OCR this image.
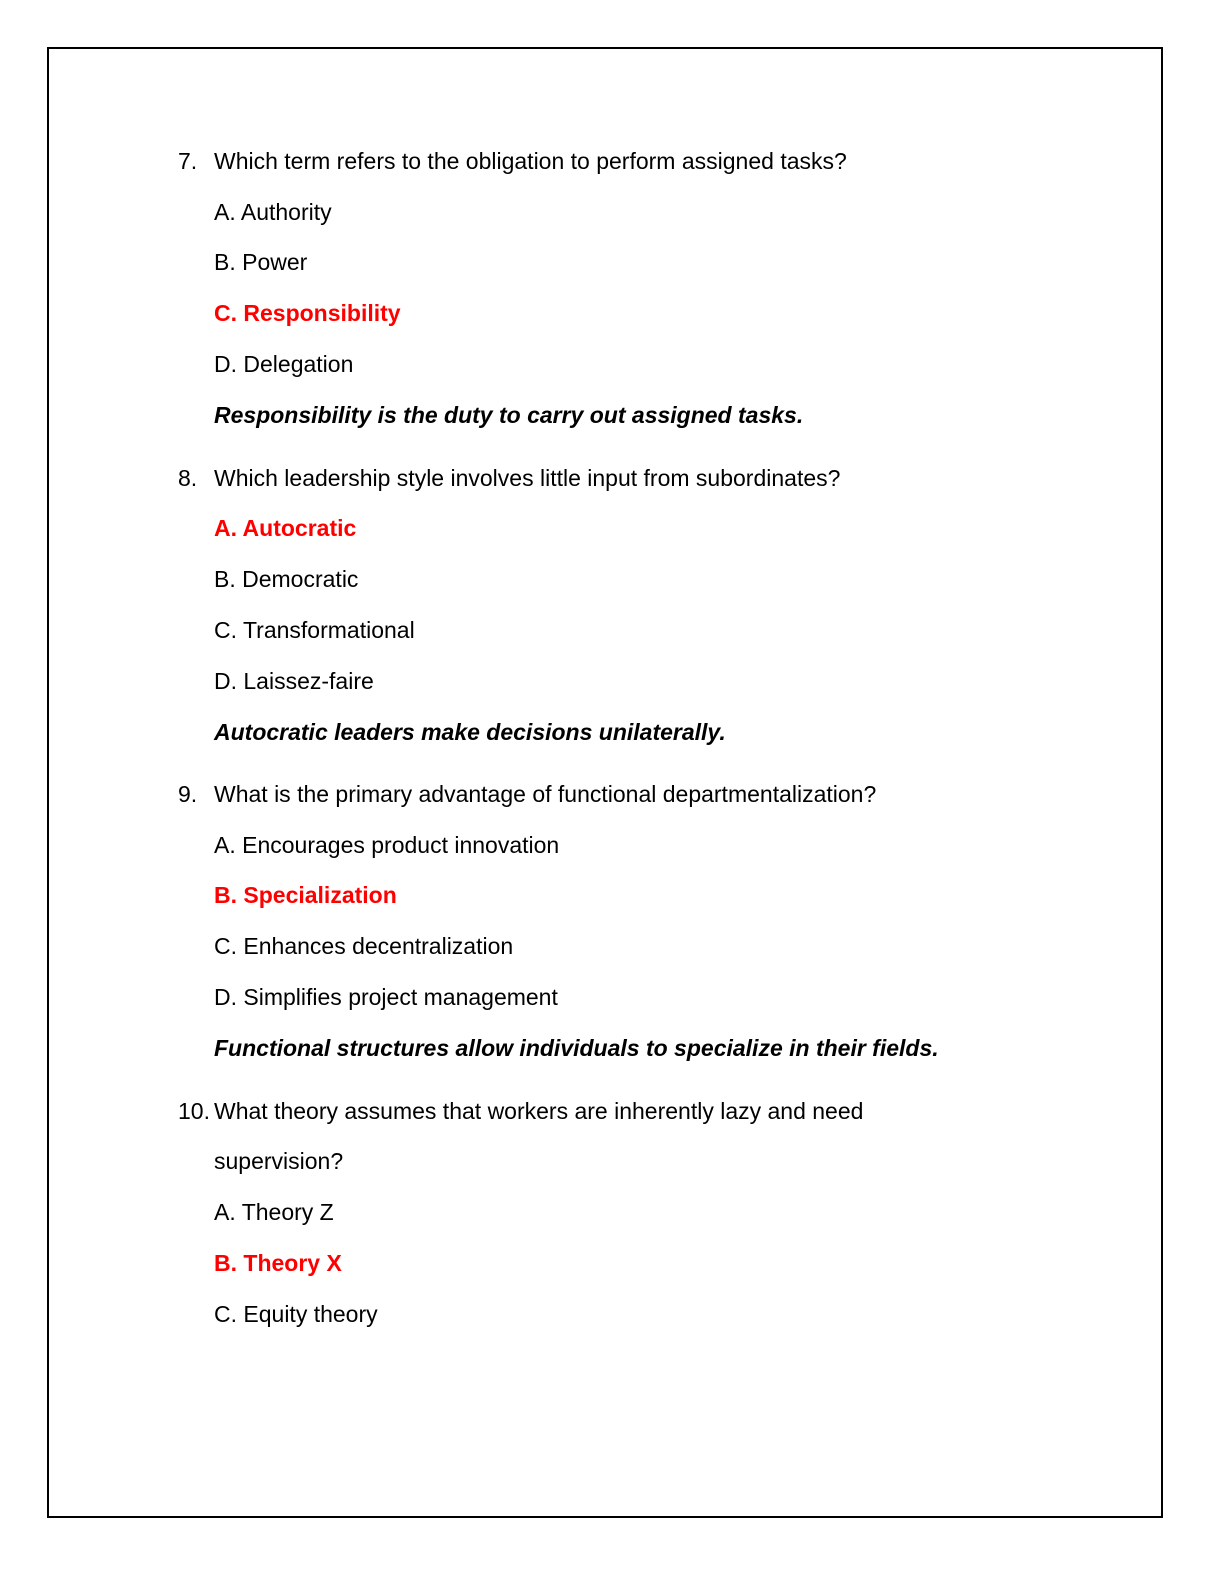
7. Which term refers to the obligation to perform assigned tasks?
A. Authority
B. Power
C. Responsibility
D. Delegation
Responsibility is the duty to carry out assigned tasks.
8. Which leadership style involves little input from subordinates?
A. Autocratic
B. Democratic
C. Transformational
D. Laissez-faire
Autocratic leaders make decisions unilaterally.
9. What is the primary advantage of functional departmentalization?
A. Encourages product innovation
B. Specialization
C. Enhances decentralization
D. Simplifies project management
Functional structures allow individuals to specialize in their fields.
10. What theory assumes that workers are inherently lazy and need
supervision?
A. Theory Z
B. Theory X
C. Equity theory
